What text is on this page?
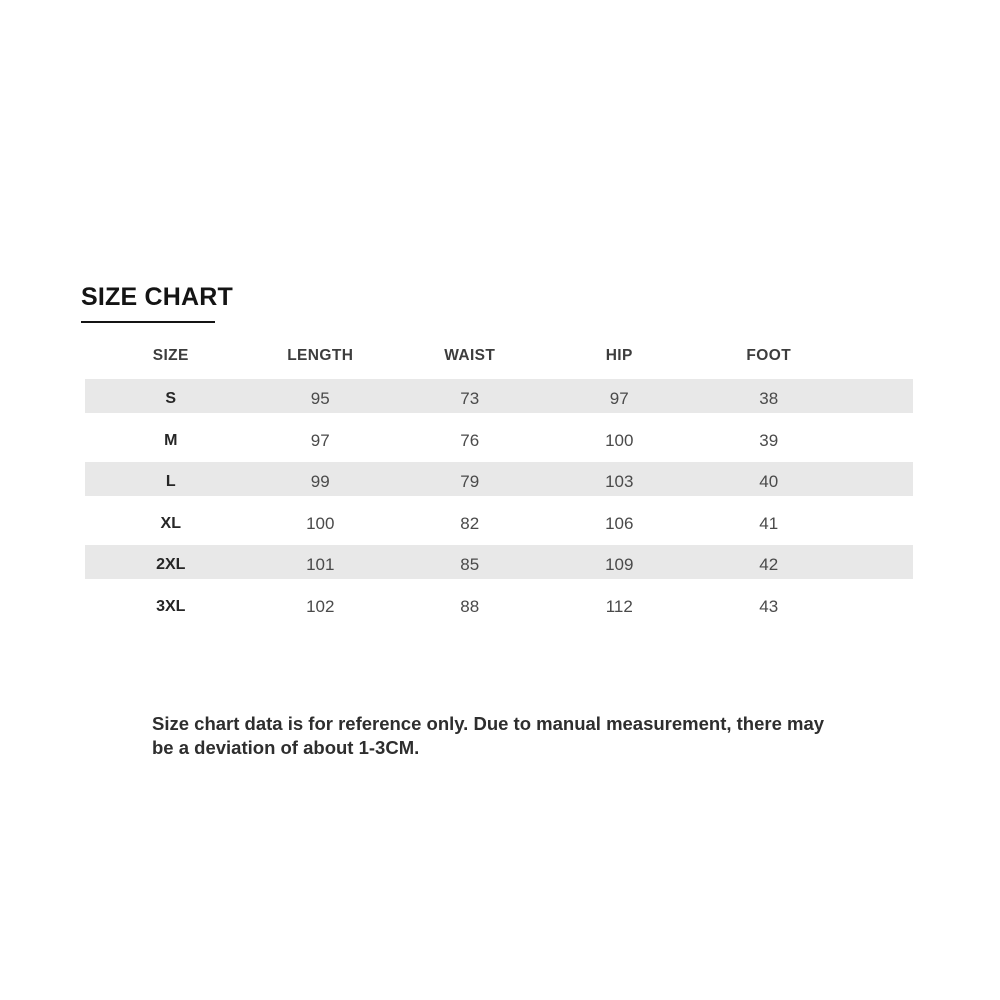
SIZE CHART
SIZE	LENGTH	WAIST	HIP	FOOT
S	95	73	97	38
M	97	76	100	39
L	99	79	103	40
XL	100	82	106	41
2XL	101	85	109	42
3XL	102	88	112	43

Size chart data is for reference only. Due to manual measurement, there may
be a deviation of about 1-3CM.
